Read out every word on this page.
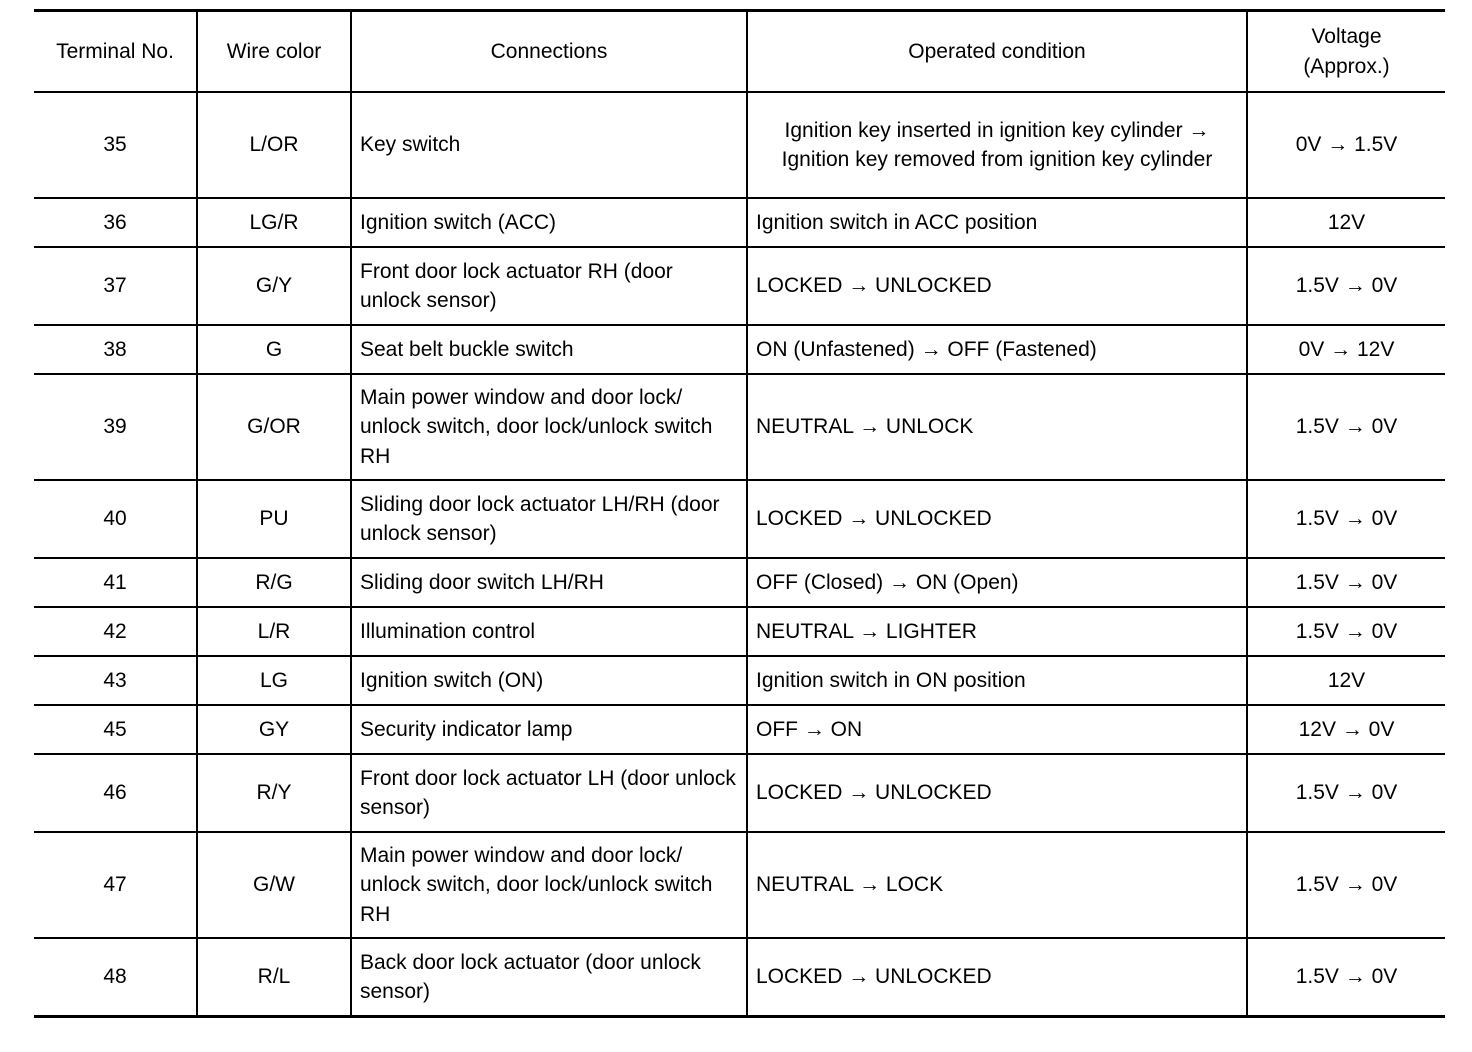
Terminal No.	Wire color	Connections	Operated condition	Voltage
(Approx.)
35	L/OR	Key switch	Ignition key inserted in ignition key cylinder → Ignition key removed from ignition key cylinder	0V → 1.5V
36	LG/R	Ignition switch (ACC)	Ignition switch in ACC position	12V
37	G/Y	Front door lock actuator RH (door unlock sensor)	LOCKED → UNLOCKED	1.5V → 0V
38	G	Seat belt buckle switch	ON (Unfastened) → OFF (Fastened)	0V → 12V
39	G/OR	Main power window and door lock/ unlock switch, door lock/unlock switch RH	NEUTRAL → UNLOCK	1.5V → 0V
40	PU	Sliding door lock actuator LH/RH (door unlock sensor)	LOCKED → UNLOCKED	1.5V → 0V
41	R/G	Sliding door switch LH/RH	OFF (Closed) → ON (Open)	1.5V → 0V
42	L/R	Illumination control	NEUTRAL → LIGHTER	1.5V → 0V
43	LG	Ignition switch (ON)	Ignition switch in ON position	12V
45	GY	Security indicator lamp	OFF → ON	12V → 0V
46	R/Y	Front door lock actuator LH (door unlock sensor)	LOCKED → UNLOCKED	1.5V → 0V
47	G/W	Main power window and door lock/ unlock switch, door lock/unlock switch RH	NEUTRAL → LOCK	1.5V → 0V
48	R/L	Back door lock actuator (door unlock sensor)	LOCKED → UNLOCKED	1.5V → 0V
